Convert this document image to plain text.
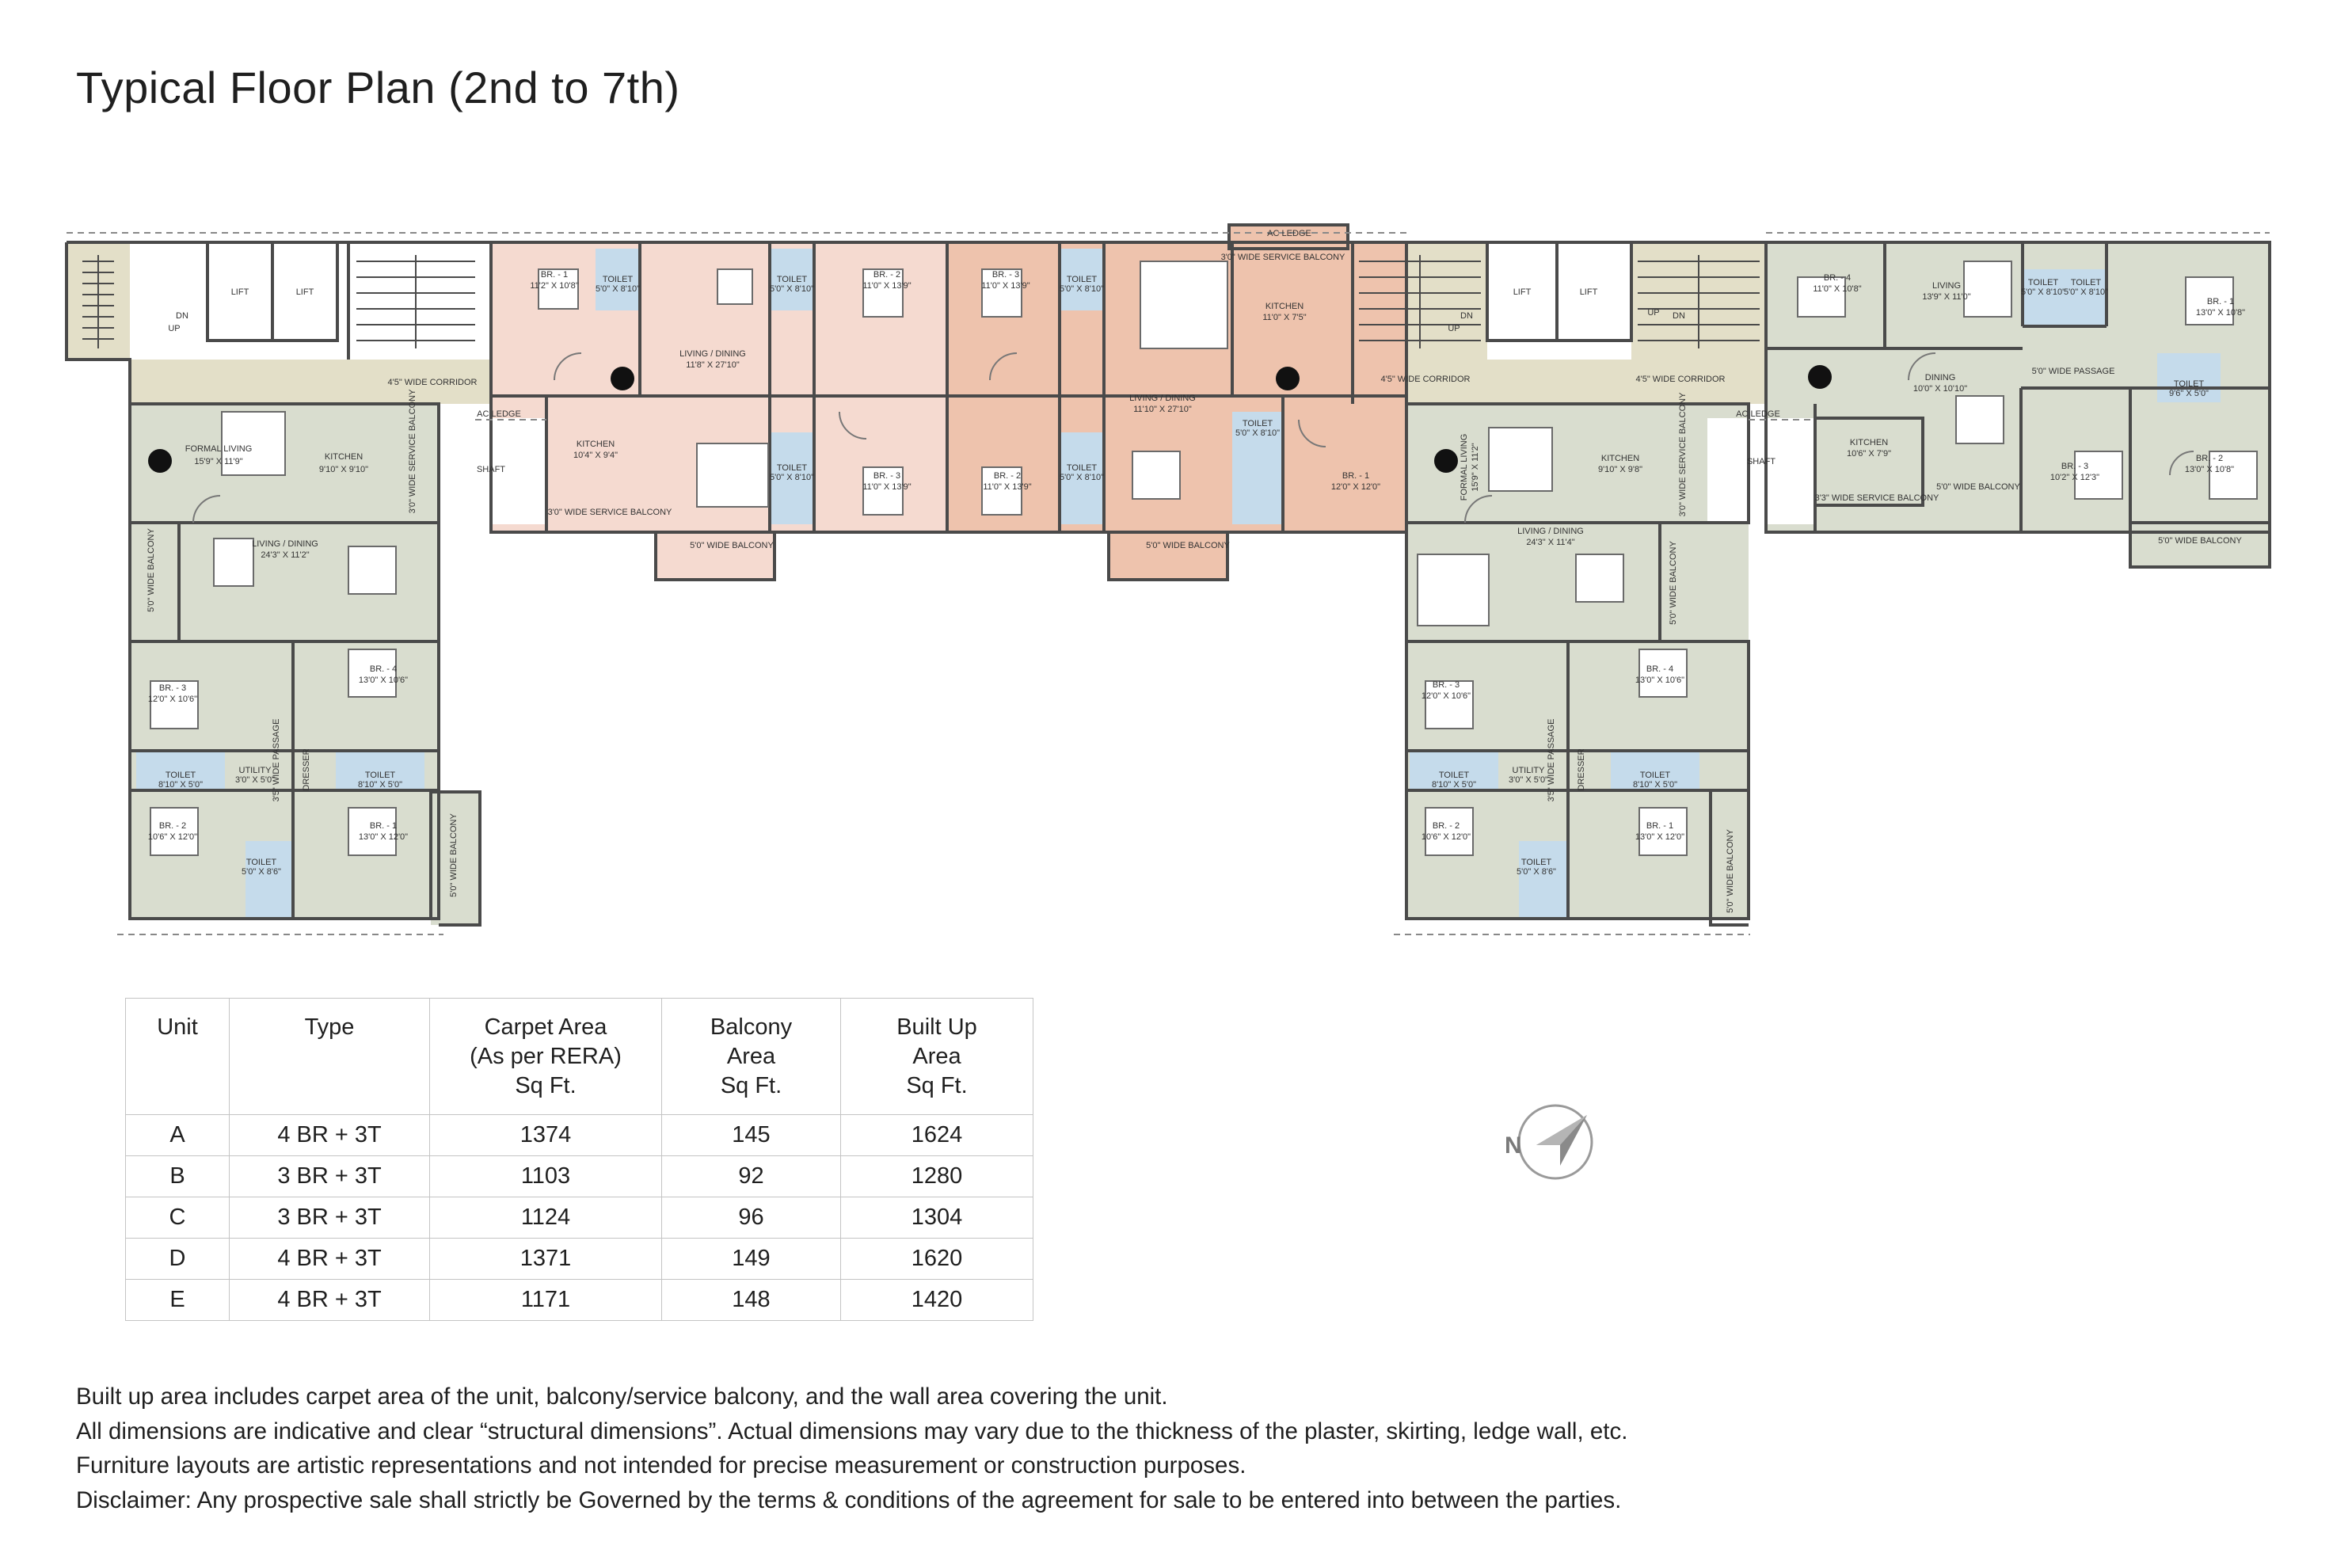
Typical Floor Plan (2nd to 7th)
LIFT	LIFT	LIFT	LIFT
DN
UP
DN
UP
DN
UP
4'5" WIDE CORRIDOR	4'5" WIDE CORRIDOR	4'5" WIDE CORRIDOR
AC LEDGE	AC LEDGE
AC LEDGE
SHAFT
SHAFT
FORMAL LIVING
15'9" X 11'9"	KITCHEN
9'10" X 9'10"
LIVING / DINING
24'3" X 11'2"
BR. - 3
12'0" X 10'6"
BR. - 4
13'0" X 10'6"
TOILET
8'10" X 5'0"
UTILITY
3'0" X 5'0"	TOILET
8'10" X 5'0"
BR. - 2
10'6" X 12'0"
BR. - 1
13'0" X 12'0"
TOILET
5'0" X 8'6"
3'5" WIDE PASSAGE DRESSER
3'0" WIDE SERVICE BALCONY
5'0" WIDE BALCONY
5'0" WIDE BALCONY
BR. - 1
11'2" X 10'8"
TOILET
5'0" X 8'10"
TOILET
5'0" X 8'10"
BR. - 2
11'0" X 13'9"
LIVING / DINING
11'8" X 27'10"
KITCHEN
10'4" X 9'4"
3'0" WIDE SERVICE BALCONY
TOILET
5'0" X 8'10"	BR. - 3
11'0" X 13'9"
5'0" WIDE BALCONY
BR. - 3
11'0" X 13'9"
TOILET
5'0" X 8'10"
3'0" WIDE SERVICE BALCONY
KITCHEN
11'0" X 7'5"
LIVING / DINING
11'10" X 27'10"
BR. - 2
11'0" X 13'9"
TOILET
5'0" X 8'10"
TOILET
5'0" X 8'10"
BR. - 1
12'0" X 12'0"
5'0" WIDE BALCONY
FORMAL LIVING 15'9" X 11'2"	KITCHEN
9'10" X 9'8"	3'0" WIDE SERVICE BALCONY
LIVING / DINING
24'3" X 11'4"	5'0" WIDE BALCONY
BR. - 3
12'0" X 10'6"
BR. - 4
13'0" X 10'6"
3'5" WIDE PASSAGE
TOILET
8'10" X 5'0"
UTILITY
3'0" X 5'0"	DRESSER	TOILET
8'10" X 5'0"
BR. - 2
10'6" X 12'0"
BR. - 1
13'0" X 12'0"
TOILET
5'0" X 8'6"	5'0" WIDE BALCONY
BR. - 4
11'0" X 10'8"	LIVING
13'9" X 11'0"
TOILET
5'0" X 8'10"
TOILET
5'0" X 8'10"
BR. - 1
13'0" X 10'8"
5'0" WIDE PASSAGE
TOILET
9'6" X 5'0"
DINING
10'0" X 10'10"
KITCHEN
10'6" X 7'9"
3'3" WIDE SERVICE BALCONY
5'0" WIDE BALCONY
BR. - 3
10'2" X 12'3"
BR. - 2
13'0" X 10'8"
5'0" WIDE BALCONY
Unit	Type	Carpet Area
(As per RERA)
Sq Ft.	Balcony
Area
Sq Ft.	Built Up
Area
Sq Ft.
A	4 BR + 3T	1374	145	1624
B	3 BR + 3T	1103	92	1280
C	3 BR + 3T	1124	96	1304
D	4 BR + 3T	1371	149	1620
E	4 BR + 3T	1171	148	1420
N

Built up area includes carpet area of the unit, balcony/service balcony, and the wall area covering the unit.

All dimensions are indicative and clear “structural dimensions”. Actual dimensions may vary due to the thickness of the plaster, skirting, ledge wall, etc.

Furniture layouts are artistic representations and not intended for precise measurement or construction purposes.

Disclaimer: Any prospective sale shall strictly be Governed by the terms & conditions of the agreement for sale to be entered into between the parties.
